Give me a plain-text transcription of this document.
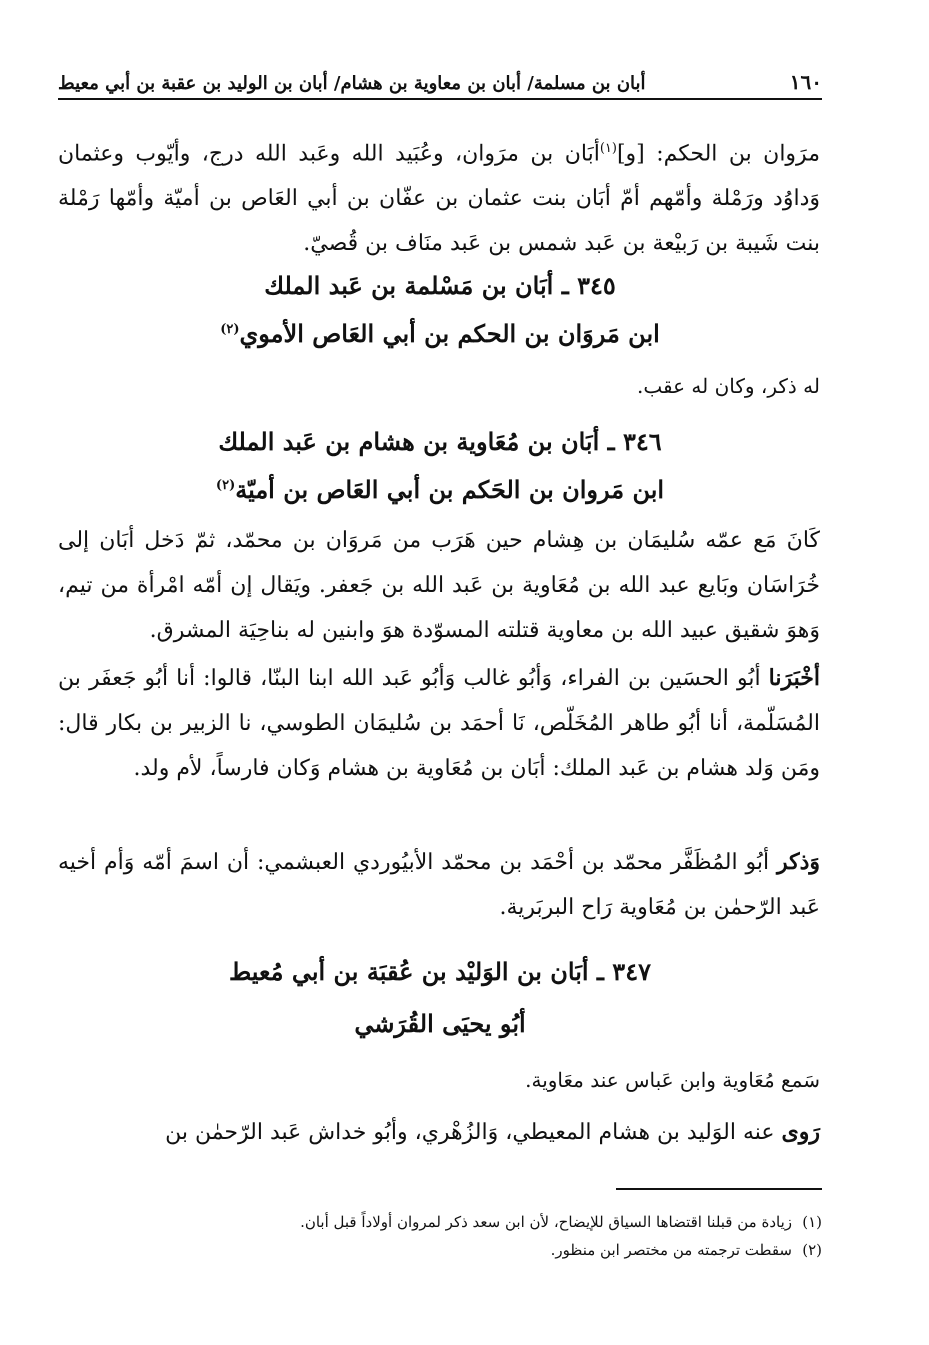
١٦٠
أبان بن مسلمة/ أبان بن معاوية بن هشام/ أبان بن الوليد بن عقبة بن أبي معيط

مرَوان بن الحكم: [و]$^{(١)}$أبَان بن مرَوان، وعُبَيد الله وعَبد الله درج، وأيّوب وعثمان وَداوُد ورَمْلة وأمّهم أمّ أبَان بنت عثمان بن عفّان بن أبي العَاص بن أميّة وأمّها رَمْلة بنت شَيبة بن رَبيْعة بن عَبد شمس بن عَبد منَاف بن قُصيّ.

٣٤٥ ـ أبَان بن مَسْلمة بن عَبد الملك
ابن مَروَان بن الحكم بن أبي العَاص الأموي$^{(٢)}$

له ذكر، وكان له عقب.

٣٤٦ ـ أبَان بن مُعَاوية بن هشام بن عَبد الملك
ابن مَروان بن الحَكم بن أبي العَاص بن أميّة$^{(٢)}$

كَانَ مَع عمّه سُليمَان بن هِشام حين هَرَب من مَروَان بن محمّد، ثمّ دَخل أبَان إلى خُرَاسَان وبَايع عبد الله بن مُعَاوية بن عَبد الله بن جَعفر. ويَقال إن أمّه امْرأة من تيم، وَهوَ شقيق عبيد الله بن معاوية قتلته المسوّدة هوَ وابنين له بناحِيَة المشرق.

أخْبَرَنا أبُو الحسَين بن الفراء، وَأبُو غالب وَأبُو عَبد الله ابنا البنّا، قالوا: أنا أبُو جَعفَر بن المُسَلّمة، أنا أبُو طاهر المُخَلّص، نَا أحمَد بن سُليمَان الطوسي، نا الزبير بن بكار قال: ومَن وَلد هشام بن عَبد الملك: أبَان بن مُعَاوية بن هشام وَكان فارساً، لأم ولد.

وَذكر أبُو المُظَفَّر محمّد بن أحْمَد بن محمّد الأبيُوردي العبشمي: أن اسمَ أمّه وَأم أخيه عَبد الرّحمٰن بن مُعَاوية رَاح البربَرية.

٣٤٧ ـ أبَان بن الوَليْد بن عُقبَة بن أبي مُعيط
أبُو يحيَى القُرَشي

سَمع مُعَاوية وابن عَباس عند معَاوية.

رَوى عنه الوَليد بن هشام المعيطي، وَالزُهْري، وأبُو خداش عَبد الرّحمٰن بن

(١)زيادة من قبلنا اقتضاها السياق للإيضاح، لأن ابن سعد ذكر لمروان أولاداً قبل أبان.
(٢)سقطت ترجمته من مختصر ابن منظور.
